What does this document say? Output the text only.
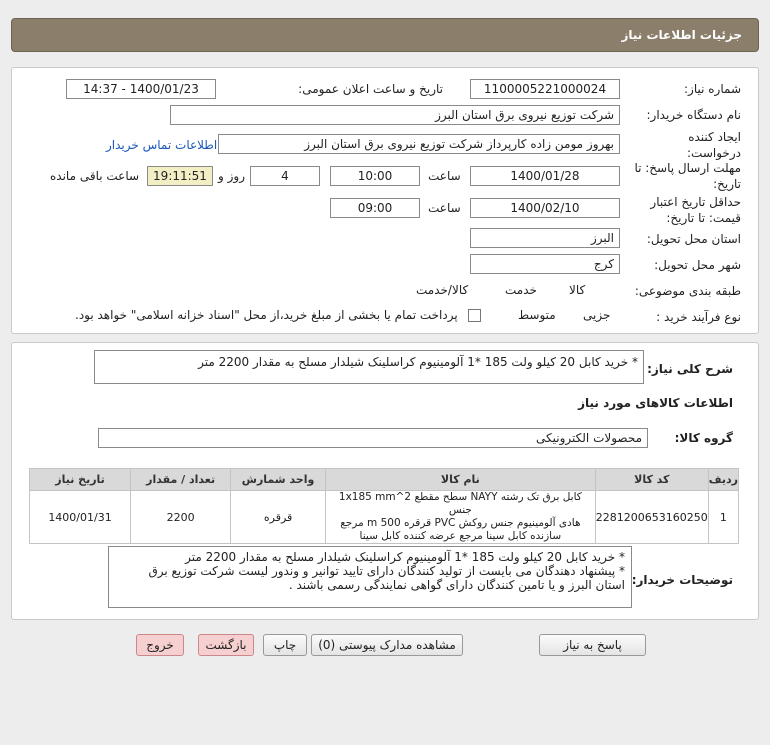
جزئیات اطلاعات نیاز
شماره نیاز:
1100005221000024
تاریخ و ساعت اعلان عمومی:
1400/01/23 - 14:37
نام دستگاه خریدار:
شرکت توزیع نیروی برق استان البرز
ایجاد کننده درخواست:
بهروز مومن زاده کارپرداز شرکت توزیع نیروی برق استان البرز
اطلاعات تماس خریدار
مهلت ارسال پاسخ: تا تاریخ:
1400/01/28
ساعت
10:00
4
روز و
19:11:51
ساعت باقی مانده
حداقل تاریخ اعتبار قیمت: تا تاریخ:
1400/02/10
ساعت
09:00
استان محل تحویل:
البرز
شهر محل تحویل:
کرج
طبقه بندی موضوعی:

کالا

خدمت

کالا/خدمت
نوع فرآیند خرید :

جزیی
متوسط
پرداخت تمام یا بخشی از مبلغ خرید،از محل "اسناد خزانه اسلامی" خواهد بود.
شرح کلی نیاز:
* خرید کابل 20 کیلو ولت 185 *1 آلومینیوم کراسلینک شیلدار مسلح به مقدار 2200 متر
اطلاعات کالاهای مورد نیاز
گروه کالا:
محصولات الکترونیکی
ردیف	کد کالا	نام کالا	واحد شمارش	تعداد / مقدار	تاریخ نیاز
1	2281200653160250	کابل برق تک رشته NAYY سطح مقطع 1x185 mm^2 جنس
هادی آلومینیوم جنس روکش PVC قرقره 500 m مرجع
سازنده کابل سینا مرجع عرضه کننده کابل سینا	قرقره	2200	1400/01/31
توضیحات خریدار:
* خرید کابل 20 کیلو ولت 185 *1 آلومینیوم کراسلینک شیلدار مسلح به مقدار 2200 متر
* پیشنهاد دهندگان می بایست از تولید کنندگان دارای تایید توانیر و وندور لیست شرکت توزیع برق
استان البرز و یا تامین کنندگان دارای گواهی نمایندگی رسمی باشند .
پاسخ به نیاز
مشاهده مدارک پیوستی (0)
چاپ
بازگشت
خروج
